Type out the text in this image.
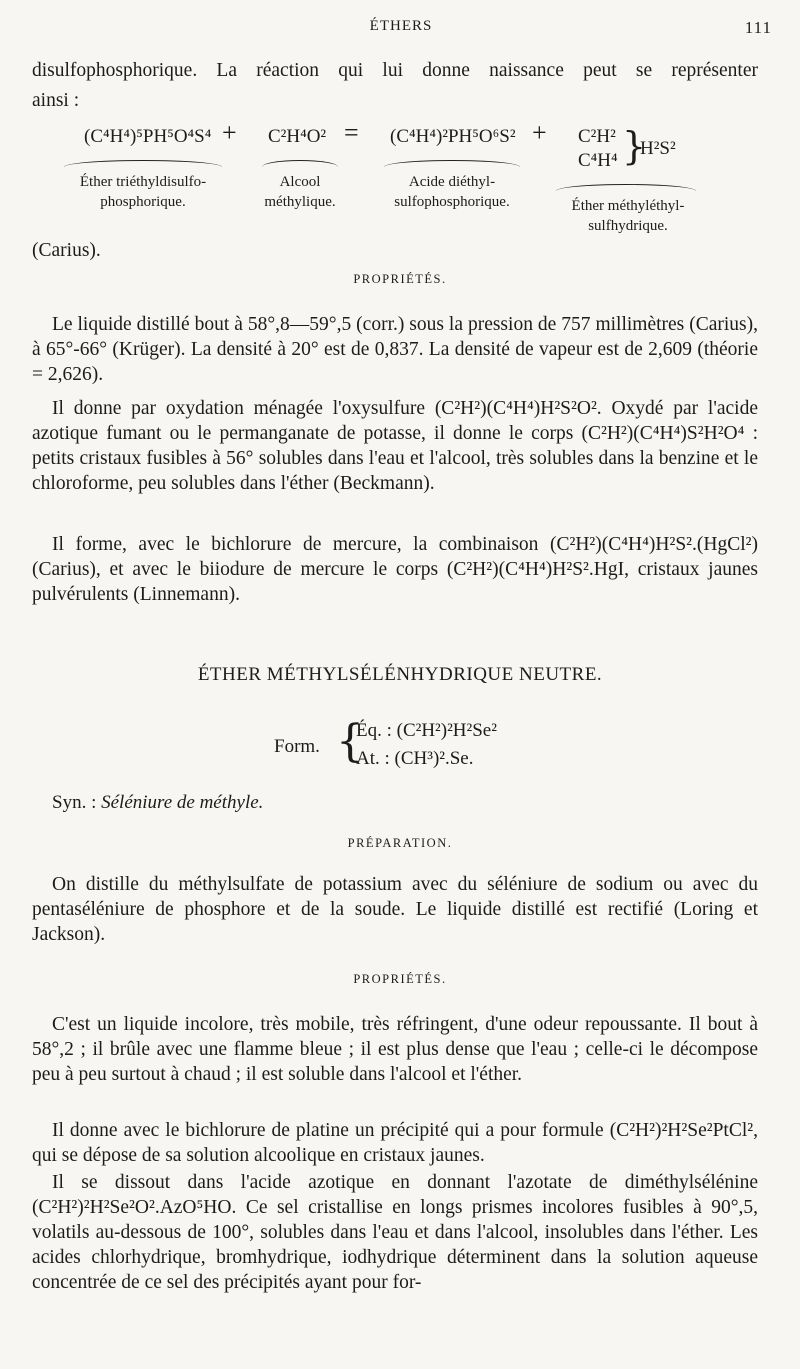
ÉTHERS	111

disulfophosphorique. La réaction qui lui donne naissance peut se représenter

ainsi :

(C⁴H⁴)⁵PH⁵O⁴S⁴ + C²H⁴O² = (C⁴H⁴)²PH⁵O⁶S² + C²H²
C⁴H⁴ }
H²S²
Éther triéthyldisulfo-
phosphorique.
Alcool
méthylique.
Acide diéthyl-
sulfophosphorique.	Éther méthyléthyl-
sulfhydrique.

(Carius).

PROPRIÉTÉS.

Le liquide distillé bout à 58°,8—59°,5 (corr.) sous la pression de 757 millimètres (Carius), à 65°-66° (Krüger). La densité à 20° est de 0,837. La densité de vapeur est de 2,609 (théorie = 2,626).

Il donne par oxydation ménagée l'oxysulfure (C²H²)(C⁴H⁴)H²S²O². Oxydé par l'acide azotique fumant ou le permanganate de potasse, il donne le corps (C²H²)(C⁴H⁴)S²H²O⁴ : petits cristaux fusibles à 56° solubles dans l'eau et l'alcool, très solubles dans la benzine et le chloroforme, peu solubles dans l'éther (Beckmann).

Il forme, avec le bichlorure de mercure, la combinaison (C²H²)(C⁴H⁴)H²S².(HgCl²) (Carius), et avec le biiodure de mercure le corps (C²H²)(C⁴H⁴)H²S².HgI, cristaux jaunes pulvérulents (Linnemann).

ÉTHER MÉTHYLSÉLÉNHYDRIQUE NEUTRE.
Form. {
Éq. : (C²H²)²H²Se²
At. : (CH³)².Se.
Syn. : Séléniure de méthyle.
PRÉPARATION.

On distille du méthylsulfate de potassium avec du séléniure de sodium ou avec du pentaséléniure de phosphore et de la soude. Le liquide distillé est rectifié (Loring et Jackson).

PROPRIÉTÉS.

C'est un liquide incolore, très mobile, très réfringent, d'une odeur repoussante. Il bout à 58°,2 ; il brûle avec une flamme bleue ; il est plus dense que l'eau ; celle-ci le décompose peu à peu surtout à chaud ; il est soluble dans l'alcool et l'éther.

Il donne avec le bichlorure de platine un précipité qui a pour formule (C²H²)²H²Se²PtCl², qui se dépose de sa solution alcoolique en cristaux jaunes.

Il se dissout dans l'acide azotique en donnant l'azotate de diméthylsélénine (C²H²)²H²Se²O².AzO⁵HO. Ce sel cristallise en longs prismes incolores fusibles à 90°,5, volatils au-dessous de 100°, solubles dans l'eau et dans l'alcool, insolubles dans l'éther. Les acides chlorhydrique, bromhydrique, iodhydrique déterminent dans la solution aqueuse concentrée de ce sel des précipités ayant pour for-
